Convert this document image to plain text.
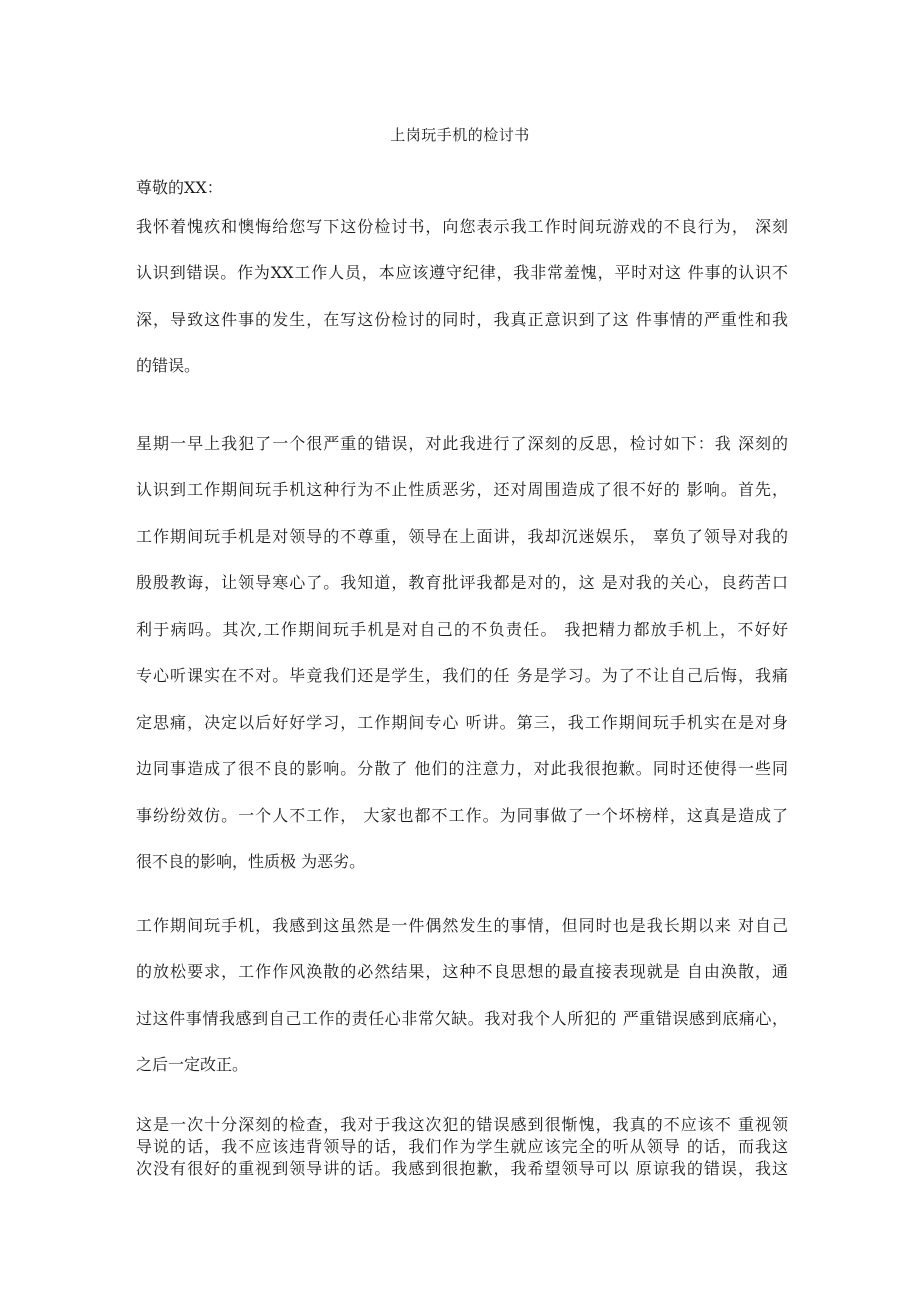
上岗玩手机的检讨书
尊敬的XX：
我怀着愧疚和懊悔给您写下这份检讨书，向您表示我工作时间玩游戏的不良行为， 深刻
认识到错误。作为XX工作人员，本应该遵守纪律，我非常羞愧，平时对这 件事的认识不
深，导致这件事的发生，在写这份检讨的同时，我真正意识到了这 件事情的严重性和我
的错误。
星期一早上我犯了一个很严重的错误，对此我进行了深刻的反思，检讨如下：我 深刻的
认识到工作期间玩手机这种行为不止性质恶劣，还对周围造成了很不好的 影响。首先，
工作期间玩手机是对领导的不尊重，领导在上面讲，我却沉迷娱乐， 辜负了领导对我的
殷殷教诲，让领导寒心了。我知道，教育批评我都是对的，这 是对我的关心，良药苦口
利于病吗。其次,工作期间玩手机是对自己的不负责任。 我把精力都放手机上，不好好
专心听课实在不对。毕竟我们还是学生，我们的任 务是学习。为了不让自己后悔，我痛
定思痛，决定以后好好学习，工作期间专心 听讲。第三，我工作期间玩手机实在是对身
边同事造成了很不良的影响。分散了 他们的注意力，对此我很抱歉。同时还使得一些同
事纷纷效仿。一个人不工作， 大家也都不工作。为同事做了一个坏榜样，这真是造成了
很不良的影响，性质极 为恶劣。
工作期间玩手机，我感到这虽然是一件偶然发生的事情，但同时也是我长期以来 对自己
的放松要求，工作作风涣散的必然结果，这种不良思想的最直接表现就是 自由涣散，通
过这件事情我感到自己工作的责任心非常欠缺。我对我个人所犯的 严重错误感到底痛心，
之后一定改正。
这是一次十分深刻的检查，我对于我这次犯的错误感到很惭愧，我真的不应该不 重视领
导说的话，我不应该违背领导的话，我们作为学生就应该完全的听从领导 的话，而我这
次没有很好的重视到领导讲的话。我感到很抱歉，我希望领导可以 原谅我的错误，我这
